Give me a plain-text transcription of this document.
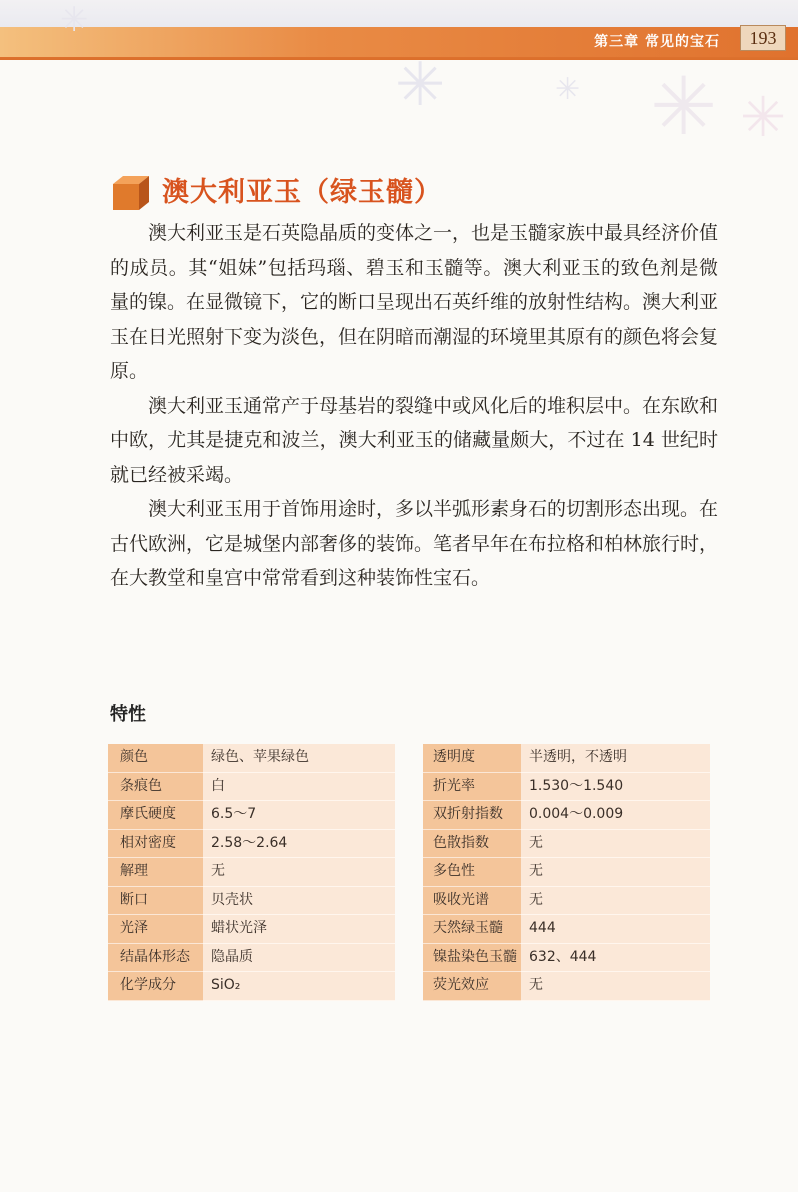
第三章 常见的宝石	193
✳	✳ ✳
✳
✳
澳大利亚玉（绿玉髓）

澳大利亚玉是石英隐晶质的变体之一，也是玉髓家族中最具经济价值的成员。其“姐妹”包括玛瑙、碧玉和玉髓等。澳大利亚玉的致色剂是微量的镍。在显微镜下，它的断口呈现出石英纤维的放射性结构。澳大利亚玉在日光照射下变为淡色，但在阴暗而潮湿的环境里其原有的颜色将会复原。

澳大利亚玉通常产于母基岩的裂缝中或风化后的堆积层中。在东欧和中欧，尤其是捷克和波兰，澳大利亚玉的储藏量颇大，不过在 14 世纪时就已经被采竭。

澳大利亚玉用于首饰用途时，多以半弧形素身石的切割形态出现。在古代欧洲，它是城堡内部奢侈的装饰。笔者早年在布拉格和柏林旅行时，在大教堂和皇宫中常常看到这种装饰性宝石。

特性
颜色	绿色、苹果绿色
条痕色	白
摩氏硬度	6.5～7
相对密度	2.58～2.64
解理	无
断口	贝壳状
光泽	蜡状光泽
结晶体形态	隐晶质
化学成分	SiO₂
透明度	半透明，不透明
折光率	1.530～1.540
双折射指数	0.004～0.009
色散指数	无
多色性	无
吸收光谱	无
天然绿玉髓	444
镍盐染色玉髓 632、444
荧光效应	无
